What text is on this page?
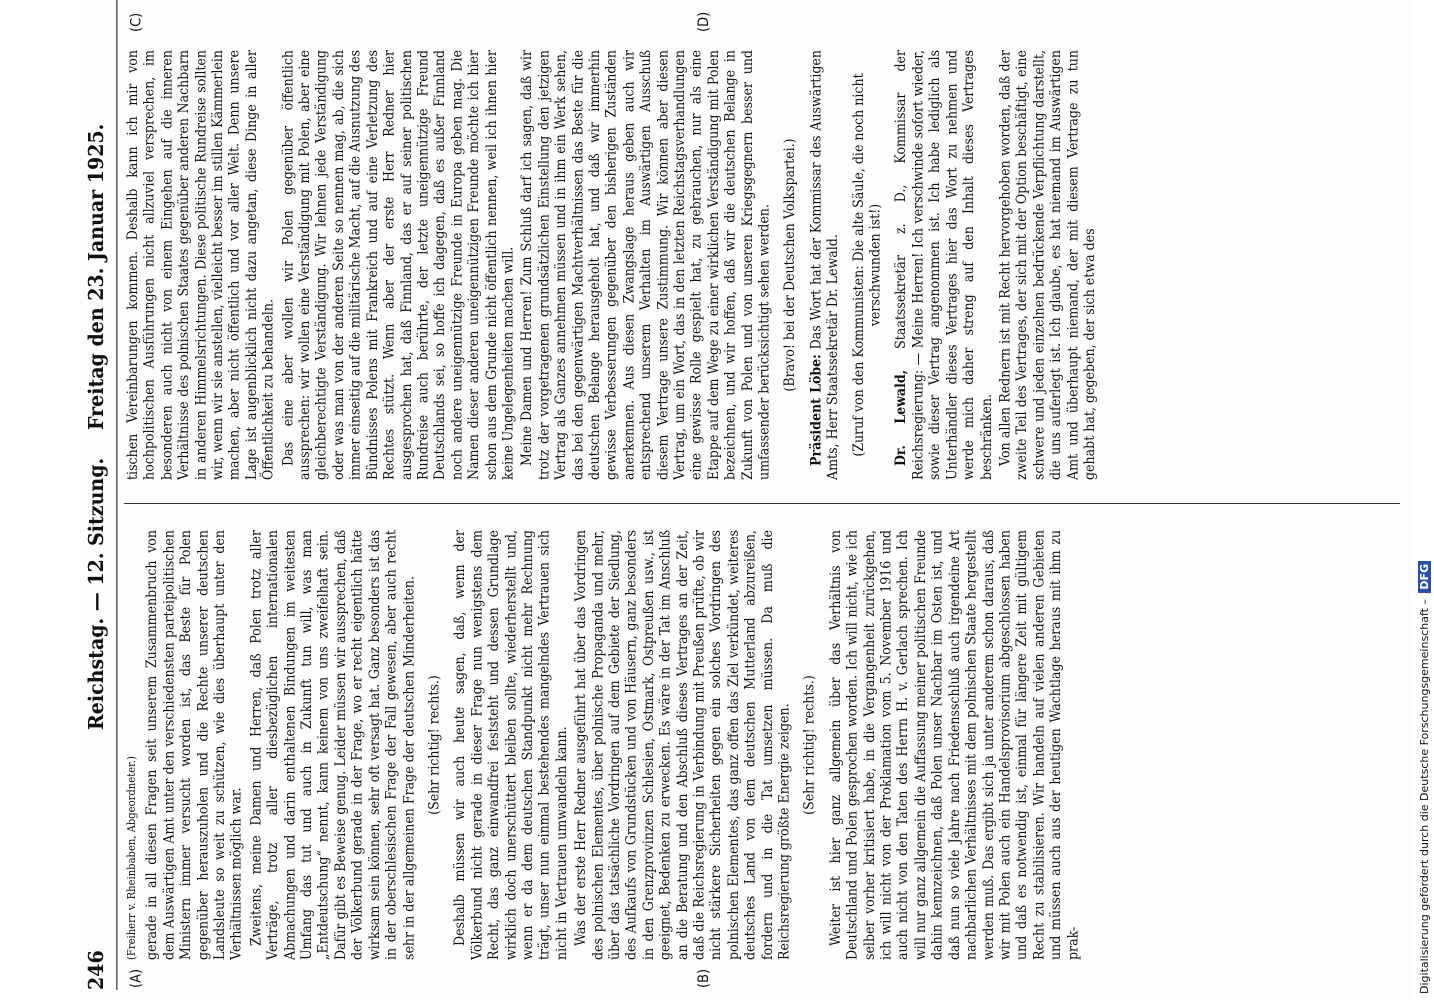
Digitalisierung gefördert durch die Deutsche Forschungsgemeinschaft – DFG
246
Reichstag. — 12. Sitzung.
Freitag den 23. Januar 1925.
(A)	(B)
(C)	(D)

(Freiherr v. Rheinbaben, Abgeordneter.) gerade in all diesen Fragen seit unserem Zusammenbruch von dem Auswärtigen Amt unter den verschiedensten parteipolitischen Ministern immer versucht worden ist, das Beste für Polen gegenüber herauszuholen und die Rechte unserer deutschen Landsleute so weit zu schützen, wie dies überhaupt unter den Verhältnissen möglich war. Zweitens, meine Damen und Herren, daß Polen trotz aller Verträge, trotz aller diesbezüglichen internationalen Abmachungen und darin enthaltenen Bindungen im weitesten Umfang das tut und auch in Zukunft tun will, was man „Entdeutschung“ nennt, kann keinem von uns zweifelhaft sein. Dafür gibt es Beweise genug. Leider müssen wir aussprechen, daß der Völkerbund gerade in der Frage, wo er recht eigentlich hätte wirksam sein können, sehr oft versagt hat. Ganz besonders ist das in der oberschlesischen Frage der Fall gewesen, aber auch recht sehr in der allgemeinen Frage der deutschen Minderheiten. (Sehr richtig! rechts.) Deshalb müssen wir auch heute sagen, daß, wenn der Völkerbund nicht gerade in dieser Frage nun wenigstens dem Recht, das ganz einwandfrei feststeht und dessen Grundlage wirklich doch unerschüttert bleiben sollte, wiederherstellt und, wenn er da dem deutschen Standpunkt nicht mehr Rechnung trägt, unser nun einmal bestehendes mangelndes Vertrauen sich nicht in Vertrauen umwandeln kann. Was der erste Herr Redner ausgeführt hat über das Vordringen des polnischen Elementes, über polnische Propaganda und mehr, über das tatsächliche Vordringen auf dem Gebiete der Siedlung, des Aufkaufs von Grundstücken und von Häusern, ganz besonders in den Grenzprovinzen Schlesien, Ostmark, Ostpreußen usw., ist geeignet, Bedenken zu erwecken. Es wäre in der Tat im Anschluß an die Beratung und den Abschluß dieses Vertrages an der Zeit, daß die Reichsregierung in Verbindung mit Preußen prüfte, ob wir nicht stärkere Sicherheiten gegen ein solches Vordringen des polnischen Elementes, das ganz offen das Ziel verkündet, weiteres deutsches Land von dem deutschen Mutterland abzureißen, fordern und in die Tat umsetzen müssen. Da muß die Reichsregierung größte Energie zeigen. (Sehr richtig! rechts.) Weiter ist hier ganz allgemein über das Verhältnis von Deutschland und Polen gesprochen worden. Ich will nicht, wie ich selber vorher kritisiert habe, in die Vergangenheit zurückgehen, ich will nicht von der Proklamation vom 5. November 1916 und auch nicht von den Taten des Herrn H. v. Gerlach sprechen. Ich will nur ganz allgemein die Auffassung meiner politischen Freunde dahin kennzeichnen, daß Polen unser Nachbar im Osten ist, und daß nun so viele Jahre nach Friedensschluß auch irgendeine Art nachbarlichen Verhältnisses mit dem polnischen Staate hergestellt werden muß. Das ergibt sich ja unter anderem schon daraus, daß wir mit Polen auch ein Handelsprovisorium abgeschlossen haben und daß es notwendig ist, einmal für längere Zeit mit gültigem Recht zu stabilisieren. Wir handeln auf vielen anderen Gebieten und müssen auch aus der heutigen Wachtlage heraus mit ihm zu prak-

tischen Vereinbarungen kommen. Deshalb kann ich mir von hochpolitischen Ausführungen nicht allzuviel versprechen, im besonderen auch nicht von einem Eingehen auf die inneren Verhältnisse des polnischen Staates gegenüber anderen Nachbarn in anderen Himmelsrichtungen. Diese politische Rundreise sollten wir, wenn wir sie anstellen, vielleicht besser im stillen Kämmerlein machen, aber nicht öffentlich und vor aller Welt. Denn unsere Lage ist augenblicklich nicht dazu angetan, diese Dinge in aller Öffentlichkeit zu behandeln. Das eine aber wollen wir Polen gegenüber öffentlich aussprechen: wir wollen eine Verständigung mit Polen, aber eine gleichberechtigte Verständigung. Wir lehnen jede Verständigung oder was man von der anderen Seite so nennen mag, ab, die sich immer einseitig auf die militärische Macht, auf die Ausnutzung des Bündnisses Polens mit Frankreich und auf eine Verletzung des Rechtes stützt. Wenn aber der erste Herr Redner hier ausgesprochen hat, daß Finnland, das er auf seiner politischen Rundreise auch berührte, der letzte uneigennützige Freund Deutschlands sei, so hoffe ich dagegen, daß es außer Finnland noch andere uneigennützige Freunde in Europa geben mag. Die Namen dieser anderen uneigennützigen Freunde möchte ich hier schon aus dem Grunde nicht öffentlich nennen, weil ich ihnen hier keine Ungelegenheiten machen will. Meine Damen und Herren! Zum Schluß darf ich sagen, daß wir trotz der vorgetragenen grundsätzlichen Einstellung den jetzigen Vertrag als Ganzes annehmen müssen und in ihm ein Werk sehen, das bei den gegenwärtigen Machtverhältnissen das Beste für die deutschen Belange herausgeholt hat, und daß wir immerhin gewisse Verbesserungen gegenüber den bisherigen Zuständen anerkennen. Aus diesen Zwangslage heraus geben auch wir entsprechend unserem Verhalten im Auswärtigen Ausschuß diesem Vertrage unsere Zustimmung. Wir können aber diesen Vertrag, um ein Wort, das in den letzten Reichstagsverhandlungen eine gewisse Rolle gespielt hat, zu gebrauchen, nur als eine Etappe auf dem Wege zu einer wirklichen Verständigung mit Polen bezeichnen, und wir hoffen, daß wir die deutschen Belange in Zukunft von Polen und von unseren Kriegsgegnern besser und umfassender berücksichtigt sehen werden. (Bravo! bei der Deutschen Volkspartei.)

Präsident Löbe: Das Wort hat der Kommissar des Auswärtigen Amts, Herr Staatssekretär Dr. Lewald. (Zuruf von den Kommunisten: Die alte Säule, die noch nicht verschwunden ist!)

Dr. Lewald, Staatssekretär z. D., Kommissar der Reichsregierung: — Meine Herren! Ich verschwinde sofort wieder, sowie dieser Vertrag angenommen ist. Ich habe lediglich als Unterhändler dieses Vertrages hier das Wort zu nehmen und werde mich daher streng auf den Inhalt dieses Vertrages beschränken. Von allen Rednern ist mit Recht hervorgehoben worden, daß der zweite Teil des Vertrages, der sich mit der Option beschäftigt, eine schwere und jeden einzelnen bedrückende Verpflichtung darstellt, die uns auferlegt ist. Ich glaube, es hat niemand im Auswärtigen Amt und überhaupt niemand, der mit diesem Vertrage zu tun gehabt hat, gegeben, der sich etwa des
